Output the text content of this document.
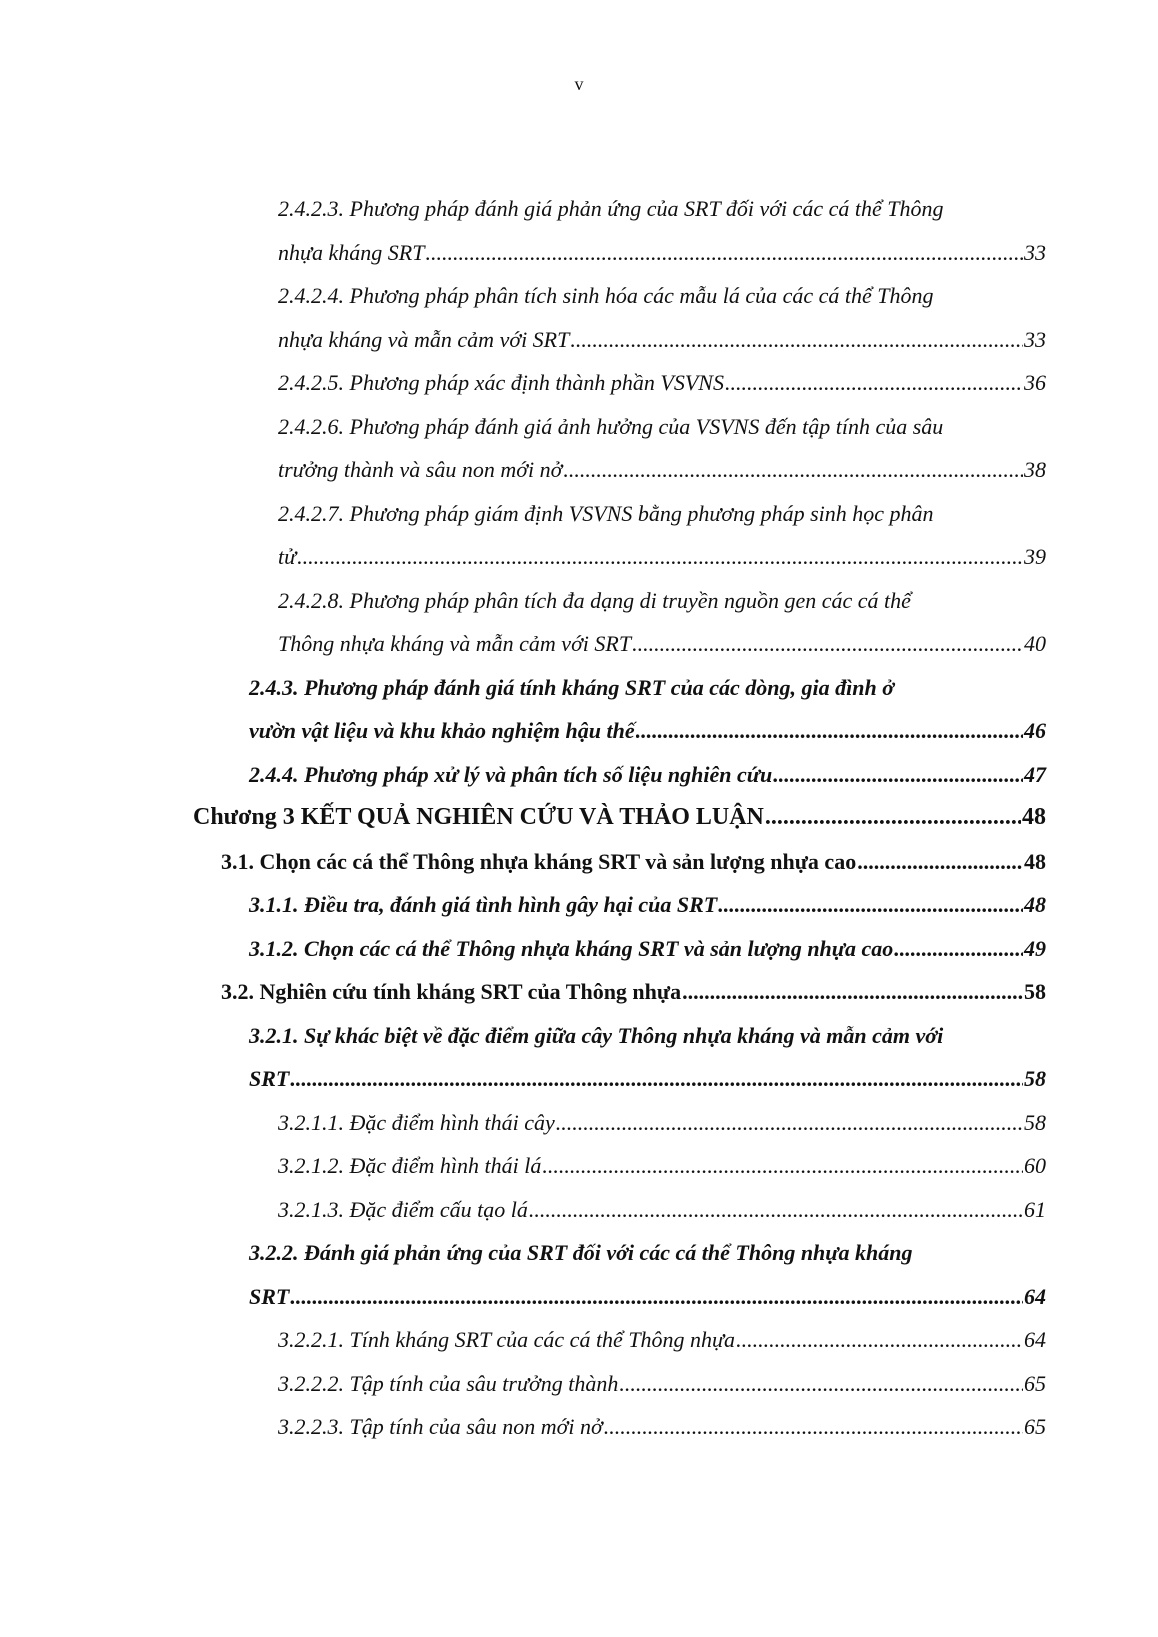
v
2.4.2.3. Phương pháp đánh giá phản ứng của SRT đối với các cá thể Thông
nhựa kháng SRT .....	33
2.4.2.4. Phương pháp phân tích sinh hóa các mẫu lá của các cá thể Thông
nhựa kháng và mẫn cảm với SRT .....	33
2.4.2.5. Phương pháp xác định thành phần VSVNS .....	36
2.4.2.6. Phương pháp đánh giá ảnh hưởng của VSVNS đến tập tính của sâu
trưởng thành và sâu non mới nở .....	38
2.4.2.7. Phương pháp giám định VSVNS bằng phương pháp sinh học phân
tử .....	39
2.4.2.8. Phương pháp phân tích đa dạng di truyền nguồn gen các cá thể
Thông nhựa kháng và mẫn cảm với SRT .....	40
2.4.3. Phương pháp đánh giá tính kháng SRT của các dòng, gia đình ở
vườn vật liệu và khu khảo nghiệm hậu thế .....	46
2.4.4. Phương pháp xử lý và phân tích số liệu nghiên cứu .....	47
Chương 3 KẾT QUẢ NGHIÊN CỨU VÀ THẢO LUẬN .....	48
3.1. Chọn các cá thể Thông nhựa kháng SRT và sản lượng nhựa cao .....	48
3.1.1. Điều tra, đánh giá tình hình gây hại của SRT .....	48
3.1.2. Chọn các cá thể Thông nhựa kháng SRT và sản lượng nhựa cao .....	49
3.2. Nghiên cứu tính kháng SRT của Thông nhựa .....	58
3.2.1. Sự khác biệt về đặc điểm giữa cây Thông nhựa kháng và mẫn cảm với
SRT .....	58
3.2.1.1. Đặc điểm hình thái cây .....	58
3.2.1.2. Đặc điểm hình thái lá .....	60
3.2.1.3. Đặc điểm cấu tạo lá .....	61
3.2.2. Đánh giá phản ứng của SRT đối với các cá thể Thông nhựa kháng
SRT .....	64
3.2.2.1. Tính kháng SRT của các cá thể Thông nhựa .....	64
3.2.2.2. Tập tính của sâu trưởng thành .....	65
3.2.2.3. Tập tính của sâu non mới nở .....	65
